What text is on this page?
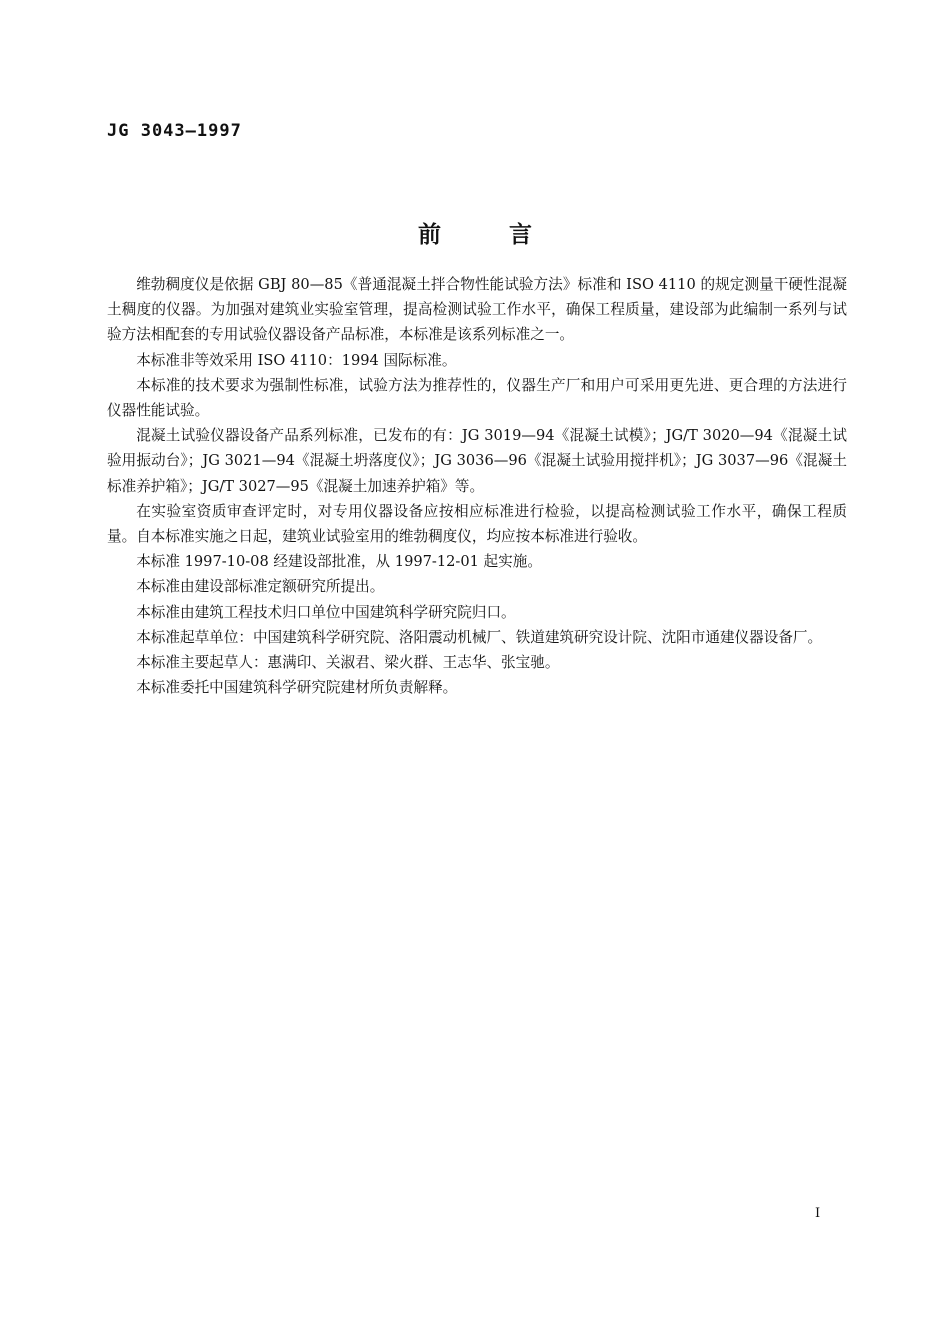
JG 3043—1997
前言

维勃稠度仪是依据 GBJ 80—85《普通混凝土拌合物性能试验方法》标准和 ISO 4110 的规定测量干硬性混凝土稠度的仪器。为加强对建筑业实验室管理，提高检测试验工作水平，确保工程质量，建设部为此编制一系列与试验方法相配套的专用试验仪器设备产品标准，本标准是该系列标准之一。

本标准非等效采用 ISO 4110：1994 国际标准。

本标准的技术要求为强制性标准，试验方法为推荐性的，仪器生产厂和用户可采用更先进、更合理的方法进行仪器性能试验。

混凝土试验仪器设备产品系列标准，已发布的有：JG 3019—94《混凝土试模》；JG/T 3020—94《混凝土试验用振动台》；JG 3021—94《混凝土坍落度仪》；JG 3036—96《混凝土试验用搅拌机》；JG 3037—96《混凝土标准养护箱》；JG/T 3027—95《混凝土加速养护箱》等。

在实验室资质审查评定时，对专用仪器设备应按相应标准进行检验，以提高检测试验工作水平，确保工程质量。自本标准实施之日起，建筑业试验室用的维勃稠度仪，均应按本标准进行验收。

本标准 1997-10-08 经建设部批准，从 1997-12-01 起实施。

本标准由建设部标准定额研究所提出。

本标准由建筑工程技术归口单位中国建筑科学研究院归口。

本标准起草单位：中国建筑科学研究院、洛阳震动机械厂、铁道建筑研究设计院、沈阳市通建仪器设备厂。

本标准主要起草人：惠满印、关淑君、梁火群、王志华、张宝驰。

本标准委托中国建筑科学研究院建材所负责解释。

I
